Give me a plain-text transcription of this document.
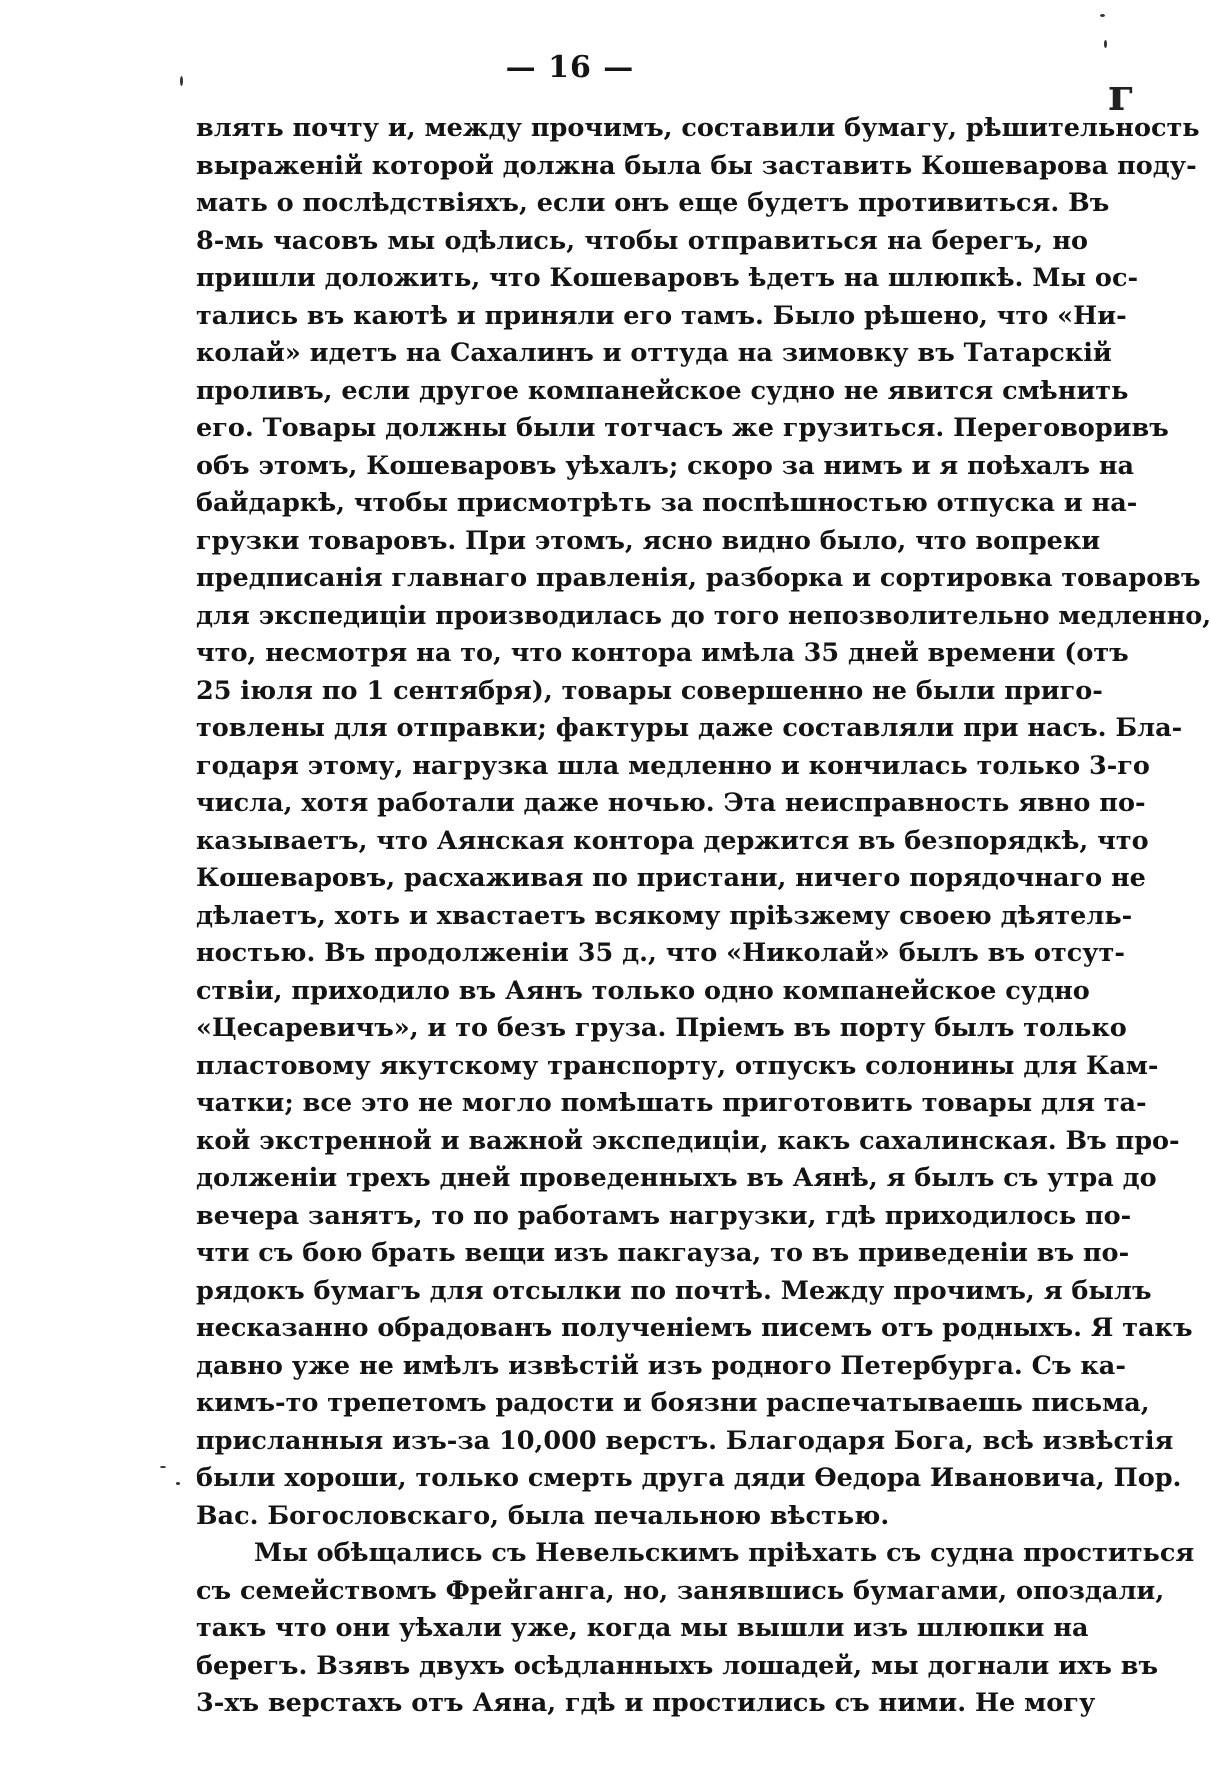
— 16 —
г
влять почту и, между прочимъ, составили бумагу, рѣшительность
выраженій которой должна была бы заставить Кошеварова поду-
мать о послѣдствіяхъ, если онъ еще будетъ противиться. Въ
8-мь часовъ мы одѣлись, чтобы отправиться на берегъ, но
пришли доложить, что Кошеваровъ ѣдетъ на шлюпкѣ. Мы ос-
тались въ каютѣ и приняли его тамъ. Было рѣшено, что «Ни-
колай» идетъ на Сахалинъ и оттуда на зимовку въ Татарскій
проливъ, если другое компанейское судно не явится смѣнить
его. Товары должны были тотчасъ же грузиться. Переговоривъ
объ этомъ, Кошеваровъ уѣхалъ; скоро за нимъ и я поѣхалъ на
байдаркѣ, чтобы присмотрѣть за поспѣшностью отпуска и на-
грузки товаровъ. При этомъ, ясно видно было, что вопреки
предписанія главнаго правленія, разборка и сортировка товаровъ
для экспедиціи производилась до того непозволительно медленно,
что, несмотря на то, что контора имѣла 35 дней времени (отъ
25 іюля по 1 сентября), товары совершенно не были приго-
товлены для отправки; фактуры даже составляли при насъ. Бла-
годаря этому, нагрузка шла медленно и кончилась только 3-го
числа, хотя работали даже ночью. Эта неисправность явно по-
казываетъ, что Аянская контора держится въ безпорядкѣ, что
Кошеваровъ, расхаживая по пристани, ничего порядочнаго не
дѣлаетъ, хоть и хвастаетъ всякому пріѣзжему своею дѣятель-
ностью. Въ продолженіи 35 д., что «Николай» былъ въ отсут-
ствіи, приходило въ Аянъ только одно компанейское судно
«Цесаревичъ», и то безъ груза. Пріемъ въ порту былъ только
пластовому якутскому транспорту, отпускъ солонины для Кам-
чатки; все это не могло помѣшать приготовить товары для та-
кой экстренной и важной экспедиціи, какъ сахалинская. Въ про-
долженіи трехъ дней проведенныхъ въ Аянѣ, я былъ съ утра до
вечера занятъ, то по работамъ нагрузки, гдѣ приходилось по-
чти съ бою брать вещи изъ пакгауза, то въ приведеніи въ по-
рядокъ бумагъ для отсылки по почтѣ. Между прочимъ, я былъ
несказанно обрадованъ полученіемъ писемъ отъ родныхъ. Я такъ
давно уже не имѣлъ извѣстій изъ родного Петербурга. Съ ка-
кимъ-то трепетомъ радости и боязни распечатываешь письма,
присланныя изъ-за 10,000 верстъ. Благодаря Бога, всѣ извѣстія
были хороши, только смерть друга дяди Ѳедора Ивановича, Пор.
Вас. Богословскаго, была печальною вѣстью.
Мы обѣщались съ Невельскимъ пріѣхать съ судна проститься
съ семействомъ Фрейганга, но, занявшись бумагами, опоздали,
такъ что они уѣхали уже, когда мы вышли изъ шлюпки на
берегъ. Взявъ двухъ осѣдланныхъ лошадей, мы догнали ихъ въ
3-хъ верстахъ отъ Аяна, гдѣ и простились съ ними. Не могу
